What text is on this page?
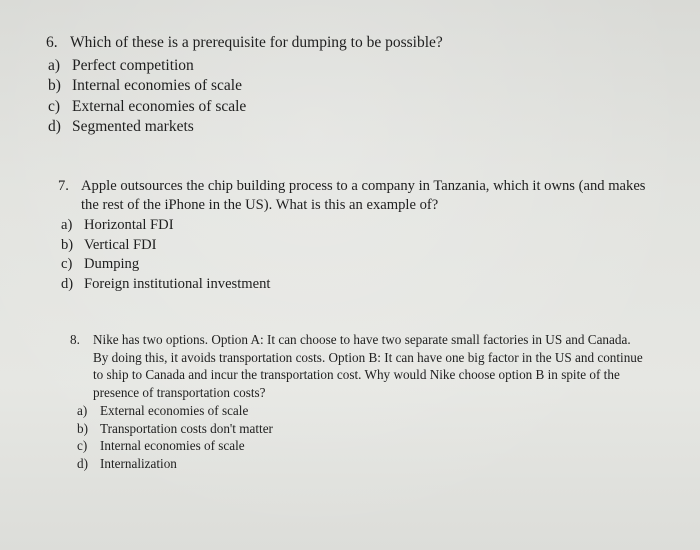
6. Which of these is a prerequisite for dumping to be possible?

a) Perfect competition
b) Internal economies of scale
c) External economies of scale
d) Segmented markets

7. Apple outsources the chip building process to a company in Tanzania, which it owns (and makes the rest of the iPhone in the US). What is this an example of?

a) Horizontal FDI
b) Vertical FDI
c) Dumping
d) Foreign institutional investment

8. Nike has two options. Option A: It can choose to have two separate small factories in US and Canada. By doing this, it avoids transportation costs. Option B: It can have one big factor in the US and continue to ship to Canada and incur the transportation cost. Why would Nike choose option B in spite of the presence of transportation costs?

a) External economies of scale
b) Transportation costs don't matter
c) Internal economies of scale
d) Internalization
